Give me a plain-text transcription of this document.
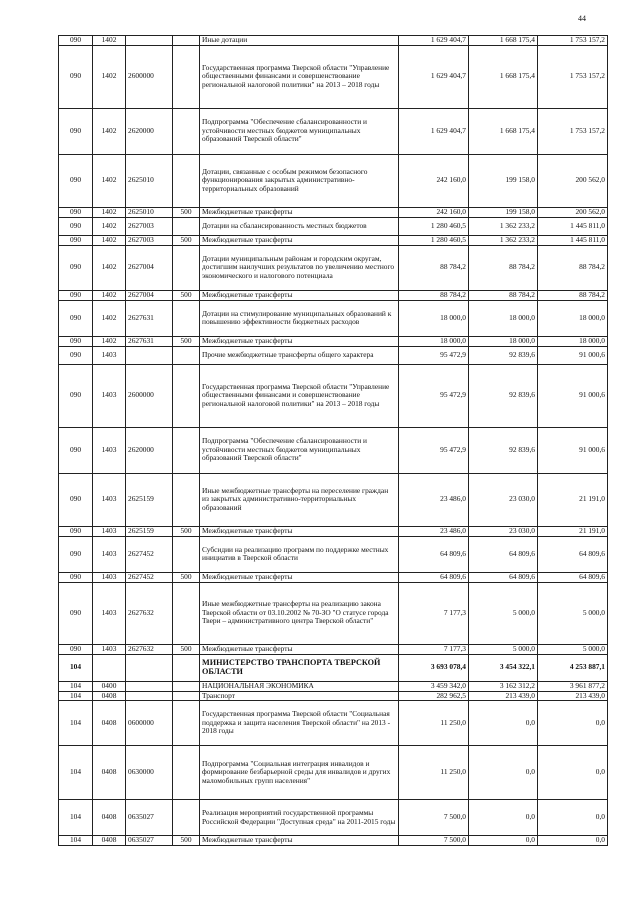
44
090	1402			Иные дотации	1 629 404,7	1 668 175,4	1 753 157,2
090	1402	2600000		Государственная программа Тверской области "Управление общественными финансами и совершенствование региональной налоговой политики" на 2013 – 2018 годы	1 629 404,7	1 668 175,4	1 753 157,2
090	1402	2620000		Подпрограмма "Обеспечение сбалансированности и устойчивости местных бюджетов муниципальных образований Тверской области"	1 629 404,7	1 668 175,4	1 753 157,2
090	1402	2625010		Дотации, связанные с особым режимом безопасного функционирования закрытых административно-территориальных образований	242 160,0	199 158,0	200 562,0
090	1402	2625010	500	Межбюджетные трансферты	242 160,0	199 158,0	200 562,0
090	1402	2627003		Дотации на сбалансированность местных бюджетов	1 280 460,5	1 362 233,2	1 445 811,0
090	1402	2627003	500	Межбюджетные трансферты	1 280 460,5	1 362 233,2	1 445 811,0
090	1402	2627004		Дотации муниципальным районам и городским округам, достигшим наилучших результатов по увеличению местного экономического и налогового потенциала	88 784,2	88 784,2	88 784,2
090	1402	2627004	500	Межбюджетные трансферты	88 784,2	88 784,2	88 784,2
090	1402	2627631		Дотации на стимулирование муниципальных образований к повышению эффективности бюджетных расходов	18 000,0	18 000,0	18 000,0
090	1402	2627631	500	Межбюджетные трансферты	18 000,0	18 000,0	18 000,0
090	1403			Прочие межбюджетные трансферты общего характера	95 472,9	92 839,6	91 000,6
090	1403	2600000		Государственная программа Тверской области "Управление общественными финансами и совершенствование региональной налоговой политики" на 2013 – 2018 годы	95 472,9	92 839,6	91 000,6
090	1403	2620000		Подпрограмма "Обеспечение сбалансированности и устойчивости местных бюджетов муниципальных образований Тверской области"	95 472,9	92 839,6	91 000,6
090	1403	2625159		Иные межбюджетные трансферты на переселение граждан из закрытых административно-территориальных образований	23 486,0	23 030,0	21 191,0
090	1403	2625159	500	Межбюджетные трансферты	23 486,0	23 030,0	21 191,0
090	1403	2627452		Субсидии на реализацию программ по поддержке местных инициатив в Тверской области	64 809,6	64 809,6	64 809,6
090	1403	2627452	500	Межбюджетные трансферты	64 809,6	64 809,6	64 809,6
090	1403	2627632		Иные межбюджетные трансферты на реализацию закона Тверской области от 03.10.2002 № 70-ЗО "О статусе города Твери – административного центра Тверской области"	7 177,3	5 000,0	5 000,0
090	1403	2627632	500	Межбюджетные трансферты	7 177,3	5 000,0	5 000,0
104				МИНИСТЕРСТВО ТРАНСПОРТА ТВЕРСКОЙ ОБЛАСТИ	3 693 078,4	3 454 322,1	4 253 887,1
104	0400			НАЦИОНАЛЬНАЯ ЭКОНОМИКА	3 459 342,0	3 162 312,2	3 961 877,2
104	0408			Транспорт	282 962,5	213 439,0	213 439,0
104	0408	0600000		Государственная программа Тверской области "Социальная поддержка и защита населения Тверской области" на 2013 - 2018 годы	11 250,0	0,0	0,0
104	0408	0630000		Подпрограмма "Социальная интеграция инвалидов и формирование безбарьерной среды для инвалидов и других маломобильных групп населения"	11 250,0	0,0	0,0
104	0408	0635027		Реализация мероприятий государственной программы Российской Федерации "Доступная среда" на 2011-2015 годы	7 500,0	0,0	0,0
104	0408	0635027	500	Межбюджетные трансферты	7 500,0	0,0	0,0
